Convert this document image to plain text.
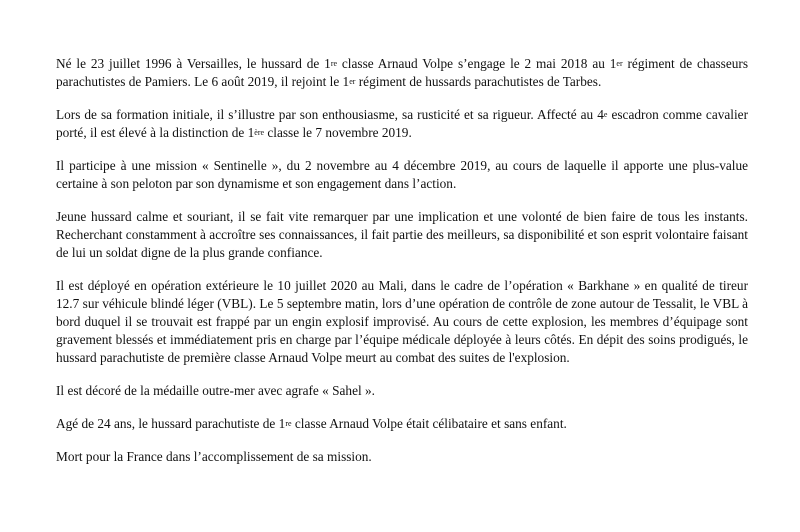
Né le 23 juillet 1996 à Versailles, le hussard de 1re classe Arnaud Volpe s’engage le 2 mai 2018 au 1er régiment de chasseurs parachutistes de Pamiers. Le 6 août 2019, il rejoint le 1er régiment de hussards parachutistes de Tarbes.

Lors de sa formation initiale, il s’illustre par son enthousiasme, sa rusticité et sa rigueur. Affecté au 4e escadron comme cavalier porté, il est élevé à la distinction de 1ère classe le 7 novembre 2019.

Il participe à une mission « Sentinelle », du 2 novembre au 4 décembre 2019, au cours de laquelle il apporte une plus-value certaine à son peloton par son dynamisme et son engagement dans l’action.

Jeune hussard calme et souriant, il se fait vite remarquer par une implication et une volonté de bien faire de tous les instants. Recherchant constamment à accroître ses connaissances, il fait partie des meilleurs, sa disponibilité et son esprit volontaire faisant de lui un soldat digne de la plus grande confiance.

Il est déployé en opération extérieure le 10 juillet 2020 au Mali, dans le cadre de l’opération « Barkhane » en qualité de tireur 12.7 sur véhicule blindé léger (VBL). Le 5 septembre matin, lors d’une opération de contrôle de zone autour de Tessalit, le VBL à bord duquel il se trouvait est frappé par un engin explosif improvisé. Au cours de cette explosion, les membres d’équipage sont gravement blessés et immédiatement pris en charge par l’équipe médicale déployée à leurs côtés. En dépit des soins prodigués, le hussard parachutiste de première classe Arnaud Volpe meurt au combat des suites de l'explosion.

Il est décoré de la médaille outre-mer avec agrafe « Sahel ».

Agé de 24 ans, le hussard parachutiste de 1re classe Arnaud Volpe était célibataire et sans enfant.

Mort pour la France dans l’accomplissement de sa mission.
